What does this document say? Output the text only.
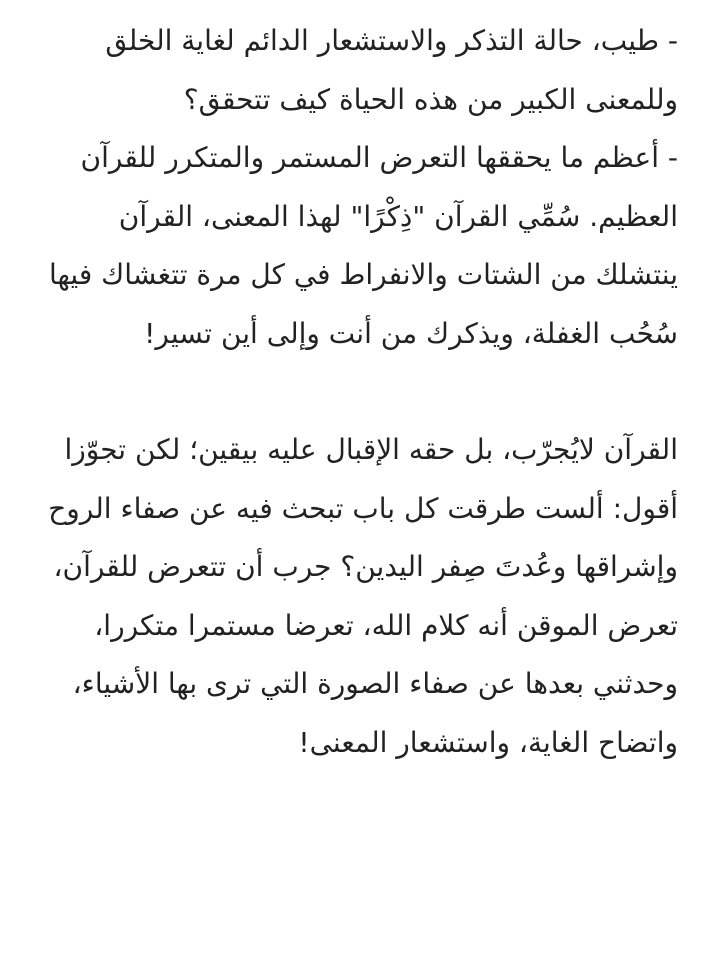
- طيب، حالة التذكر والاستشعار الدائم لغاية الخلق وللمعنى الكبير من هذه الحياة كيف تتحقق؟

- أعظم ما يحققها التعرض المستمر والمتكرر للقرآن العظيم. سُمِّي القرآن "ذِكْرًا" لهذا المعنى، القرآن ينتشلك من الشتات والانفراط في كل مرة تتغشاك فيها سُحُب الغفلة، ويذكرك من أنت وإلى أين تسير!

القرآن لايُجرّب، بل حقه الإقبال عليه بيقين؛ لكن تجوّزا أقول: ألست طرقت كل باب تبحث فيه عن صفاء الروح وإشراقها وعُدتَ صِفر اليدين؟ جرب أن تتعرض للقرآن، تعرض الموقن أنه كلام الله، تعرضا مستمرا متكررا، وحدثني بعدها عن صفاء الصورة التي ترى بها الأشياء، واتضاح الغاية، واستشعار المعنى!
